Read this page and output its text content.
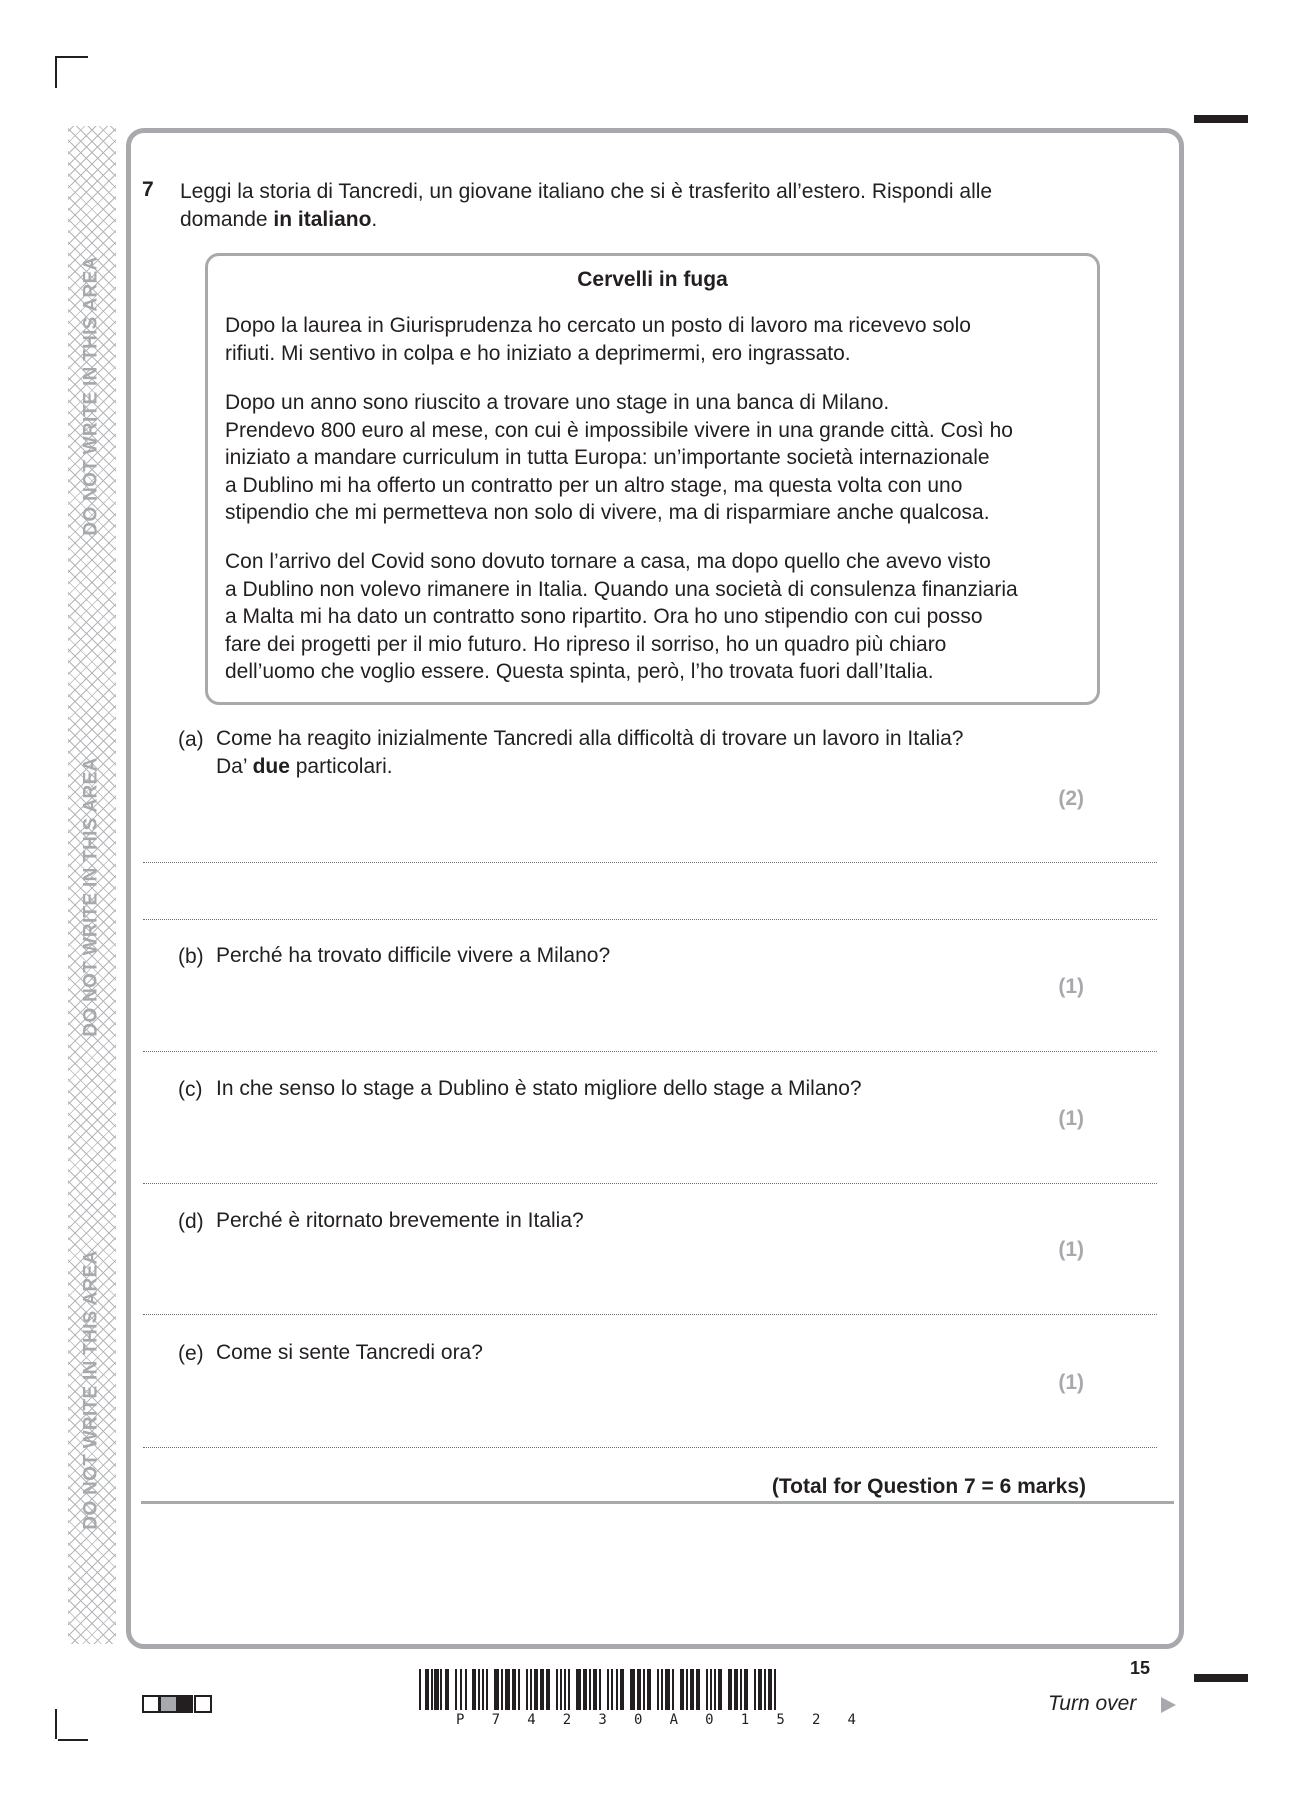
DO NOT WRITE IN THIS AREA
DO NOT WRITE IN THIS AREA
DO NOT WRITE IN THIS AREA
7 Leggi la storia di Tancredi, un giovane italiano che si è trasferito all’estero. Rispondi alle domande in italiano.
Cervelli in fuga
Dopo la laurea in Giurisprudenza ho cercato un posto di lavoro ma ricevevo solo
rifiuti. Mi sentivo in colpa e ho iniziato a deprimermi, ero ingrassato.
Dopo un anno sono riuscito a trovare uno stage in una banca di Milano.
Prendevo 800 euro al mese, con cui è impossibile vivere in una grande città. Così ho
iniziato a mandare curriculum in tutta Europa: un’importante società internazionale
a Dublino mi ha offerto un contratto per un altro stage, ma questa volta con uno
stipendio che mi permetteva non solo di vivere, ma di risparmiare anche qualcosa.
Con l’arrivo del Covid sono dovuto tornare a casa, ma dopo quello che avevo visto
a Dublino non volevo rimanere in Italia. Quando una società di consulenza finanziaria
a Malta mi ha dato un contratto sono ripartito. Ora ho uno stipendio con cui posso
fare dei progetti per il mio futuro. Ho ripreso il sorriso, ho un quadro più chiaro
dell’uomo che voglio essere. Questa spinta, però, l’ho trovata fuori dall’Italia.
(a) Come ha reagito inizialmente Tancredi alla difficoltà di trovare un lavoro in Italia?
Da’ due particolari.
(2)
(b) Perché ha trovato difficile vivere a Milano?
(1)
(c) In che senso lo stage a Dublino è stato migliore dello stage a Milano?
(1)
(d) Perché è ritornato brevemente in Italia?
(1)
(e) Come si sente Tancredi ora?
(1)
(Total for Question 7 = 6 marks)
P 7 4 2 3 0 A 0 1 5 2 4
15
Turn over
